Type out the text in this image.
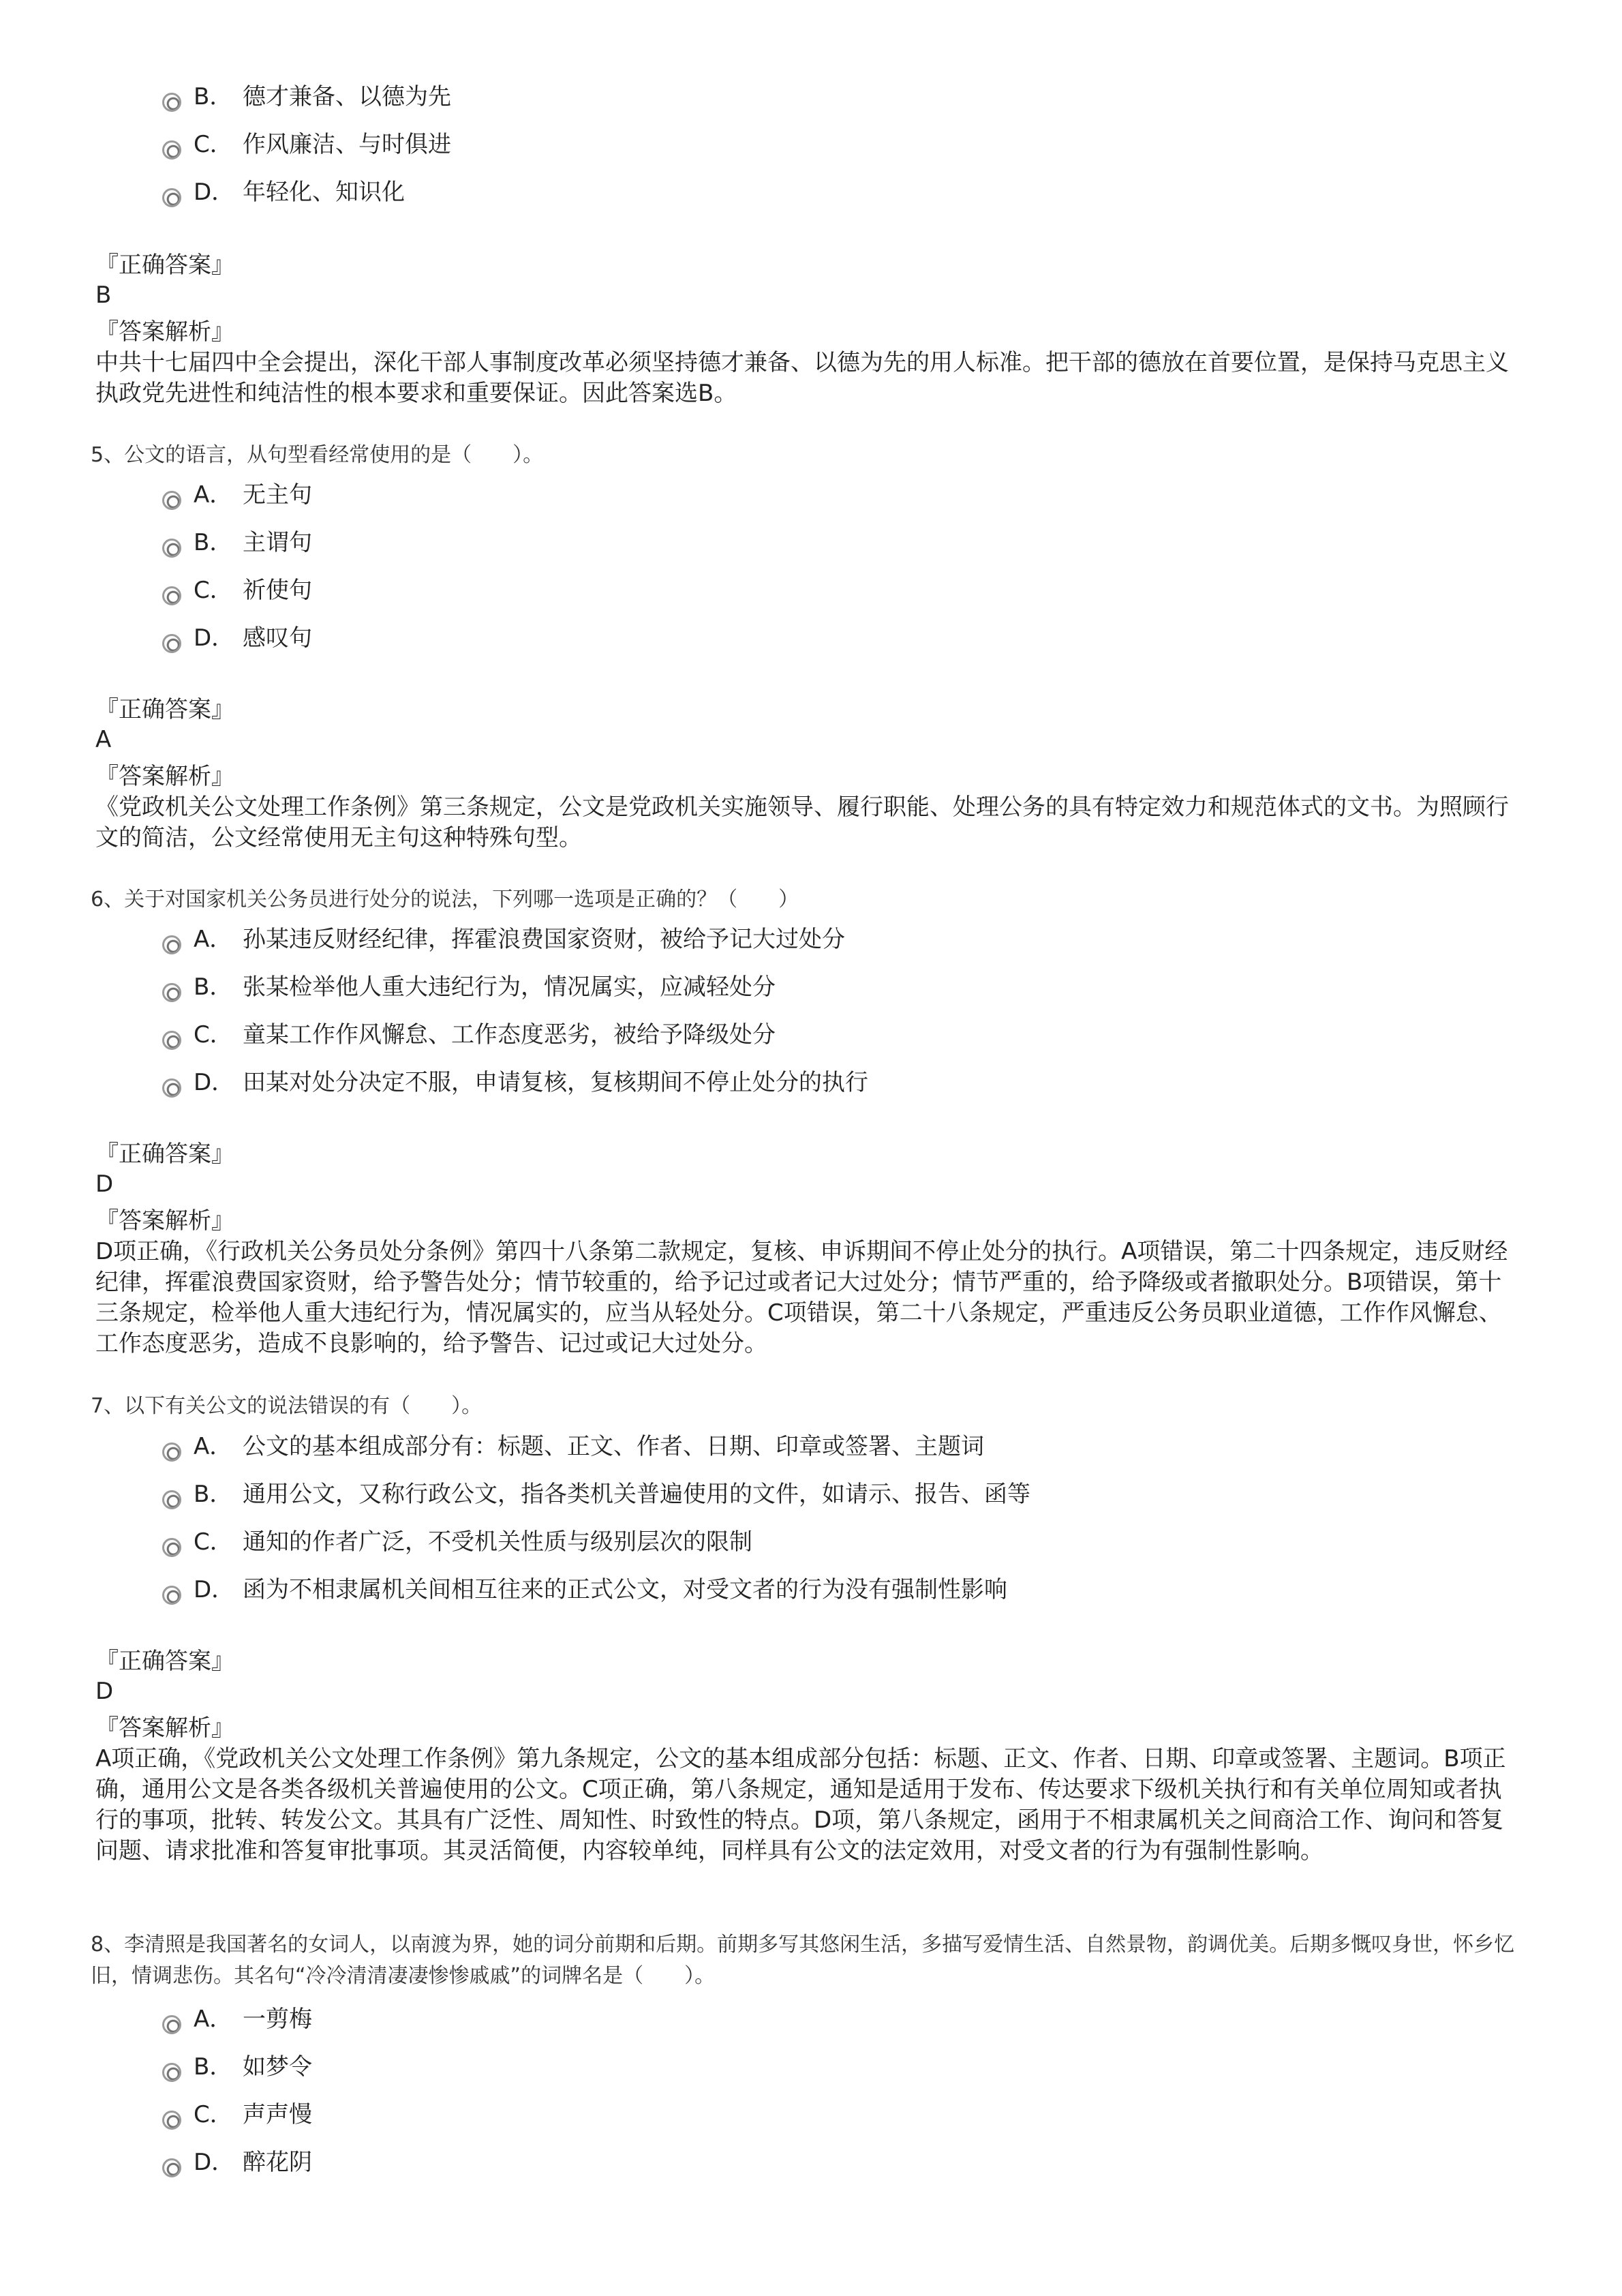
B． 德才兼备、以德为先
C． 作风廉洁、与时俱进
D． 年轻化、知识化
『正确答案』
B
『答案解析』
中共十七届四中全会提出，深化干部人事制度改革必须坚持德才兼备、以德为先的用人标准。把干部的德放在首要位置，是保持马克思主义执政党先进性和纯洁性的根本要求和重要保证。因此答案选B。
5、公文的语言，从句型看经常使用的是（　　）。
A． 无主句
B． 主谓句
C． 祈使句
D． 感叹句
『正确答案』
A
『答案解析』
《党政机关公文处理工作条例》第三条规定，公文是党政机关实施领导、履行职能、处理公务的具有特定效力和规范体式的文书。为照顾行文的简洁，公文经常使用无主句这种特殊句型。
6、关于对国家机关公务员进行处分的说法，下列哪一选项是正确的？（　　）
A． 孙某违反财经纪律，挥霍浪费国家资财，被给予记大过处分
B． 张某检举他人重大违纪行为，情况属实，应减轻处分
C． 童某工作作风懈怠、工作态度恶劣，被给予降级处分
D． 田某对处分决定不服，申请复核，复核期间不停止处分的执行
『正确答案』
D
『答案解析』
D项正确，《行政机关公务员处分条例》第四十八条第二款规定，复核、申诉期间不停止处分的执行。A项错误，第二十四条规定，违反财经纪律，挥霍浪费国家资财，给予警告处分；情节较重的，给予记过或者记大过处分；情节严重的，给予降级或者撤职处分。B项错误，第十三条规定，检举他人重大违纪行为，情况属实的，应当从轻处分。C项错误，第二十八条规定，严重违反公务员职业道德，工作作风懈怠、工作态度恶劣，造成不良影响的，给予警告、记过或记大过处分。
7、以下有关公文的说法错误的有（　　）。
A． 公文的基本组成部分有：标题、正文、作者、日期、印章或签署、主题词
B． 通用公文，又称行政公文，指各类机关普遍使用的文件，如请示、报告、函等
C． 通知的作者广泛，不受机关性质与级别层次的限制
D． 函为不相隶属机关间相互往来的正式公文，对受文者的行为没有强制性影响
『正确答案』
D
『答案解析』
A项正确，《党政机关公文处理工作条例》第九条规定，公文的基本组成部分包括：标题、正文、作者、日期、印章或签署、主题词。B项正确，通用公文是各类各级机关普遍使用的公文。C项正确，第八条规定，通知是适用于发布、传达要求下级机关执行和有关单位周知或者执行的事项，批转、转发公文。其具有广泛性、周知性、时致性的特点。D项，第八条规定，函用于不相隶属机关之间商洽工作、询问和答复问题、请求批准和答复审批事项。其灵活简便，内容较单纯，同样具有公文的法定效用，对受文者的行为有强制性影响。
8、李清照是我国著名的女词人，以南渡为界，她的词分前期和后期。前期多写其悠闲生活，多描写爱情生活、自然景物，韵调优美。后期多慨叹身世，怀乡忆旧，情调悲伤。其名句“冷冷清清凄凄惨惨戚戚”的词牌名是（　　）。
A． 一剪梅
B． 如梦令
C． 声声慢
D． 醉花阴
